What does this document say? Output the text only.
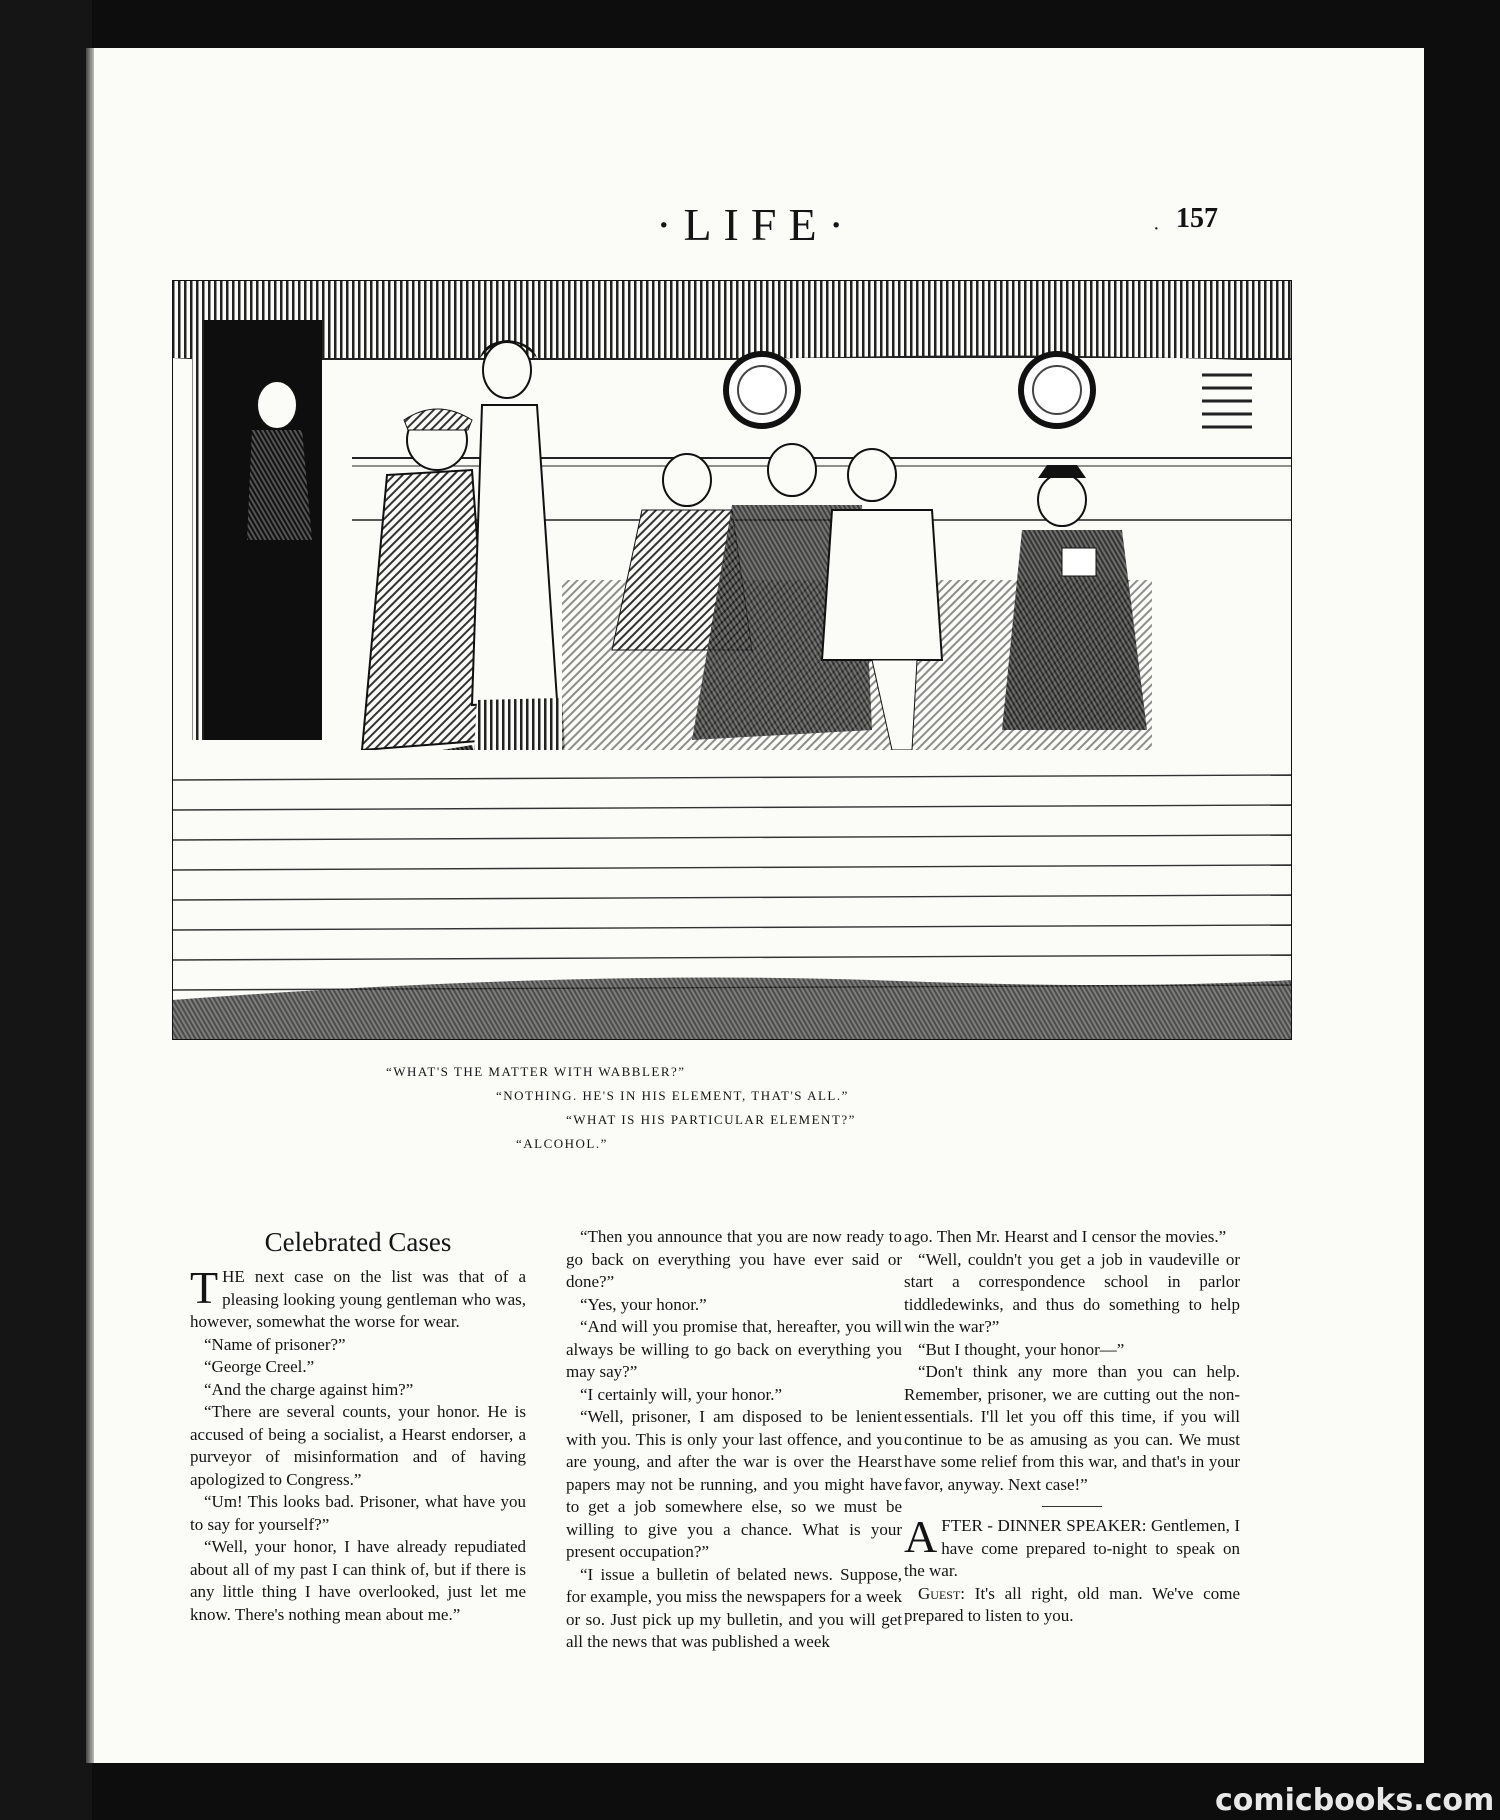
·LIFE·	· 157
“WHAT'S THE MATTER WITH WABBLER?”
“NOTHING. HE'S IN HIS ELEMENT, THAT'S ALL.”
“WHAT IS HIS PARTICULAR ELEMENT?”
“ALCOHOL.”
Celebrated Cases

THE next case on the list was that of a pleasing looking young gentleman who was, however, somewhat the worse for wear.

“Name of prisoner?”

“George Creel.”

“And the charge against him?”

“There are several counts, your honor. He is accused of being a socialist, a Hearst endorser, a purveyor of misinformation and of having apologized to Congress.”

“Um! This looks bad. Prisoner, what have you to say for yourself?”

“Well, your honor, I have already repudiated about all of my past I can think of, but if there is any little thing I have overlooked, just let me know. There's nothing mean about me.”

“Then you announce that you are now ready to go back on everything you have ever said or done?”

“Yes, your honor.”

“And will you promise that, hereafter, you will always be willing to go back on everything you may say?”

“I certainly will, your honor.”

“Well, prisoner, I am disposed to be lenient with you. This is only your last offence, and you are young, and after the war is over the Hearst papers may not be running, and you might have to get a job somewhere else, so we must be willing to give you a chance. What is your present occupation?”

“I issue a bulletin of belated news. Suppose, for example, you miss the newspapers for a week or so. Just pick up my bulletin, and you will get all the news that was published a week

ago. Then Mr. Hearst and I censor the movies.”

“Well, couldn't you get a job in vaudeville or start a correspondence school in parlor tiddledewinks, and thus do something to help win the war?”

“But I thought, your honor—”

“Don't think any more than you can help. Remember, prisoner, we are cutting out the non-essentials. I'll let you off this time, if you will continue to be as amusing as you can. We must have some relief from this war, and that's in your favor, anyway. Next case!”

AFTER - DINNER SPEAKER: Gentlemen, I have come prepared to-night to speak on the war.

Guest: It's all right, old man. We've come prepared to listen to you.

comicbooks.com
